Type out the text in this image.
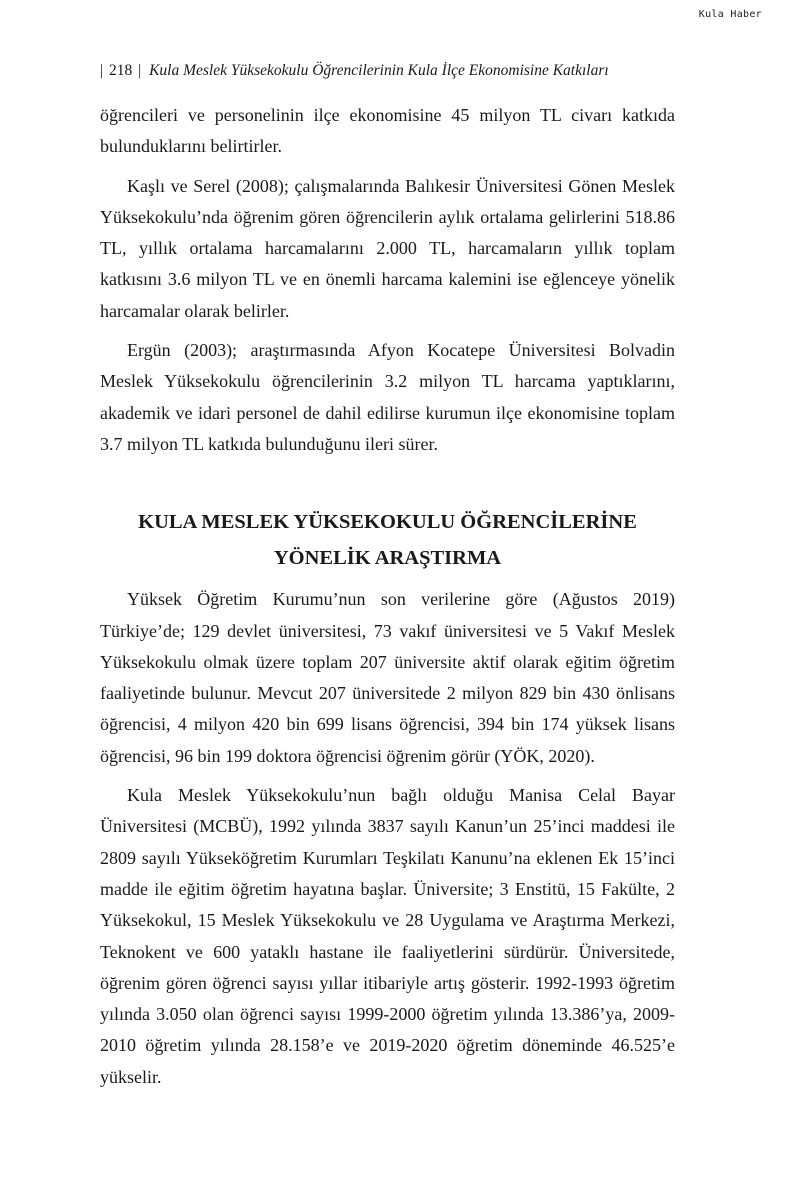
Kula Haber
| 218 | Kula Meslek Yüksekokulu Öğrencilerinin Kula İlçe Ekonomisine Katkıları

öğrencileri ve personelinin ilçe ekonomisine 45 milyon TL civarı katkıda bulunduklarını belirtirler.

Kaşlı ve Serel (2008); çalışmalarında Balıkesir Üniversitesi Gönen Meslek Yüksekokulu’nda öğrenim gören öğrencilerin aylık ortalama gelirlerini 518.86 TL, yıllık ortalama harcamalarını 2.000 TL, harcamaların yıllık toplam katkısını 3.6 milyon TL ve en önemli harcama kalemini ise eğlenceye yönelik harcamalar olarak belirler.

Ergün (2003); araştırmasında Afyon Kocatepe Üniversitesi Bolvadin Meslek Yüksekokulu öğrencilerinin 3.2 milyon TL harcama yaptıklarını, akademik ve idari personel de dahil edilirse kurumun ilçe ekonomisine toplam 3.7 milyon TL katkıda bulunduğunu ileri sürer.

KULA MESLEK YÜKSEKOKULU ÖĞRENCİLERİNE
YÖNELİK ARAŞTIRMA

Yüksek Öğretim Kurumu’nun son verilerine göre (Ağustos 2019) Türkiye’de; 129 devlet üniversitesi, 73 vakıf üniversitesi ve 5 Vakıf Meslek Yüksekokulu olmak üzere toplam 207 üniversite aktif olarak eğitim öğretim faaliyetinde bulunur. Mevcut 207 üniversitede 2 milyon 829 bin 430 önlisans öğrencisi, 4 milyon 420 bin 699 lisans öğrencisi, 394 bin 174 yüksek lisans öğrencisi, 96 bin 199 doktora öğrencisi öğrenim görür (YÖK, 2020).

Kula Meslek Yüksekokulu’nun bağlı olduğu Manisa Celal Bayar Üniversitesi (MCBÜ), 1992 yılında 3837 sayılı Kanun’un 25’inci maddesi ile 2809 sayılı Yükseköğretim Kurumları Teşkilatı Kanunu’na eklenen Ek 15’inci madde ile eğitim öğretim hayatına başlar. Üniversite; 3 Enstitü, 15 Fakülte, 2 Yüksekokul, 15 Meslek Yüksekokulu ve 28 Uygulama ve Araştırma Merkezi, Teknokent ve 600 yataklı hastane ile faaliyetlerini sürdürür. Üniversitede, öğrenim gören öğrenci sayısı yıllar itibariyle artış gösterir. 1992-1993 öğretim yılında 3.050 olan öğrenci sayısı 1999-2000 öğretim yılında 13.386’ya, 2009-2010 öğretim yılında 28.158’e ve 2019-2020 öğretim döneminde 46.525’e yükselir.
